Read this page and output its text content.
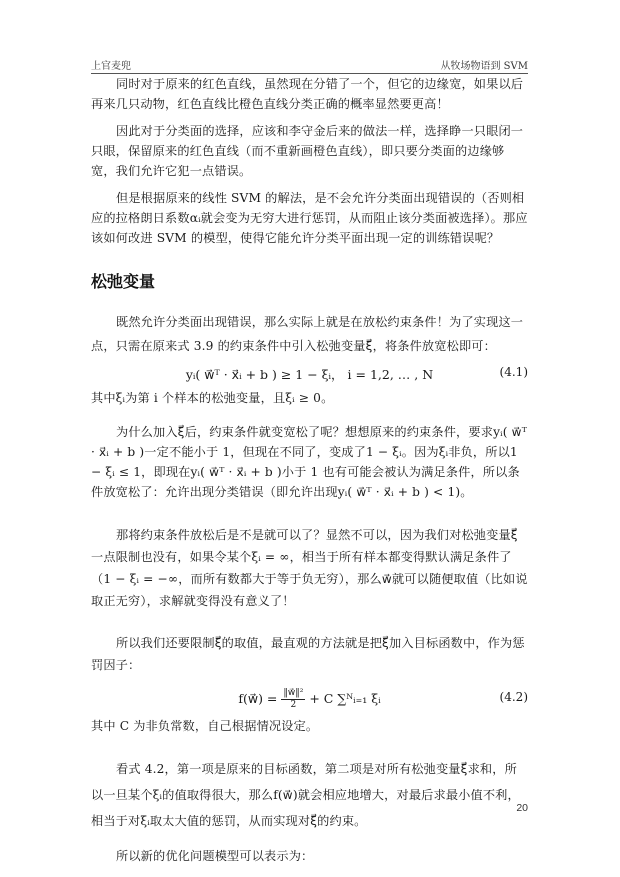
上官麦兜	从牧场物语到 SVM

同时对于原来的红色直线，虽然现在分错了一个，但它的边缘宽，如果以后再来几只动物，红色直线比橙色直线分类正确的概率显然要更高！

因此对于分类面的选择，应该和李守金后来的做法一样，选择睁一只眼闭一只眼，保留原来的红色直线（而不重新画橙色直线），即只要分类面的边缘够宽，我们允许它犯一点错误。

但是根据原来的线性 SVM 的解法，是不会允许分类面出现错误的（否则相应的拉格朗日系数αᵢ就会变为无穷大进行惩罚，从而阻止该分类面被选择）。那应该如何改进 SVM 的模型，使得它能允许分类平面出现一定的训练错误呢？

松弛变量

既然允许分类面出现错误，那么实际上就是在放松约束条件！为了实现这一点，只需在原来式 3.9 的约束条件中引入松弛变量ξ⃗，将条件放宽松即可：

yᵢ( w⃗ᵀ · x⃗ᵢ + b ) ≥ 1 − ξᵢ， i = 1,2, … , N	(4.1)

其中ξᵢ为第 i 个样本的松弛变量，且ξᵢ ≥ 0。

为什么加入ξ⃗后，约束条件就变宽松了呢？想想原来的约束条件，要求yᵢ( w⃗ᵀ · x⃗ᵢ + b )一定不能小于 1，但现在不同了，变成了1 − ξᵢ。因为ξᵢ非负，所以1 − ξᵢ ≤ 1，即现在yᵢ( w⃗ᵀ · x⃗ᵢ + b )小于 1 也有可能会被认为满足条件，所以条件放宽松了：允许出现分类错误（即允许出现yᵢ( w⃗ᵀ · x⃗ᵢ + b ) < 1)。

那将约束条件放松后是不是就可以了？显然不可以，因为我们对松弛变量ξ⃗一点限制也没有，如果令某个ξᵢ = ∞，相当于所有样本都变得默认满足条件了（1 − ξᵢ = −∞，而所有数都大于等于负无穷），那么w⃗就可以随便取值（比如说取正无穷），求解就变得没有意义了！

所以我们还要限制ξ⃗的取值，最直观的方法就是把ξ⃗加入目标函数中，作为惩罚因子：

f(w⃗) = $\frac{\text{‖w⃗‖²}}{2} + C$ ∑ᴺᵢ₌₁ ξᵢ	(4.2)

其中 C 为非负常数，自己根据情况设定。

看式 4.2，第一项是原来的目标函数，第二项是对所有松弛变量ξ⃗求和，所以一旦某个ξᵢ的值取得很大，那么f(w⃗)就会相应地增大，对最后求最小值不利，相当于对ξᵢ取太大值的惩罚，从而实现对ξ⃗的约束。

所以新的优化问题模型可以表示为：

20
